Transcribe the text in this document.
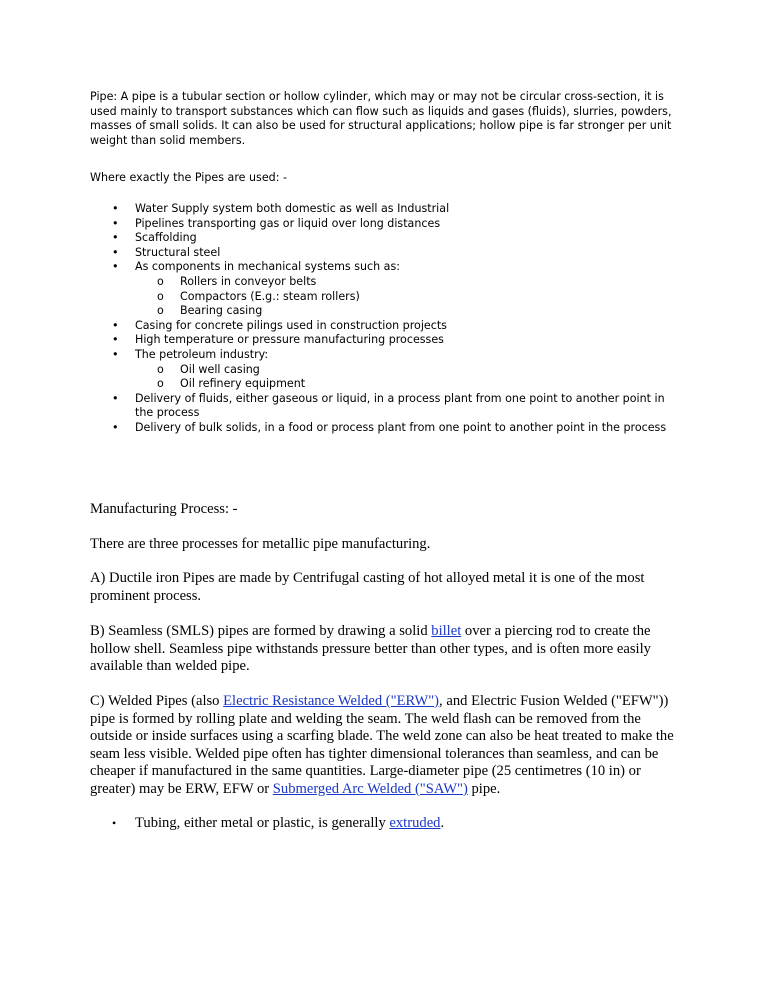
Pipe: A pipe is a tubular section or hollow cylinder, which may or may not be circular cross-section, it is used mainly to transport substances which can flow such as liquids and gases (fluids), slurries, powders, masses of small solids. It can also be used for structural applications; hollow pipe is far stronger per unit weight than solid members.

Where exactly the Pipes are used: -

• Water Supply system both domestic as well as Industrial
• Pipelines transporting gas or liquid over long distances
• Scaffolding
• Structural steel
• As components in mechanical systems such as:
o Rollers in conveyor belts
o Compactors (E.g.: steam rollers)
o Bearing casing
• Casing for concrete pilings used in construction projects
• High temperature or pressure manufacturing processes
• The petroleum industry:
o Oil well casing
o Oil refinery equipment
• Delivery of fluids, either gaseous or liquid, in a process plant from one point to another point in the process
• Delivery of bulk solids, in a food or process plant from one point to another point in the process

Manufacturing Process: -

There are three processes for metallic pipe manufacturing.

A) Ductile iron Pipes are made by Centrifugal casting of hot alloyed metal it is one of the most prominent process.

B) Seamless (SMLS) pipes are formed by drawing a solid billet over a piercing rod to create the hollow shell. Seamless pipe withstands pressure better than other types, and is often more easily available than welded pipe.

C) Welded Pipes (also Electric Resistance Welded ("ERW"), and Electric Fusion Welded ("EFW")) pipe is formed by rolling plate and welding the seam. The weld flash can be removed from the outside or inside surfaces using a scarfing blade. The weld zone can also be heat treated to make the seam less visible. Welded pipe often has tighter dimensional tolerances than seamless, and can be cheaper if manufactured in the same quantities. Large-diameter pipe (25 centimetres (10 in) or greater) may be ERW, EFW or Submerged Arc Welded ("SAW") pipe.

• Tubing, either metal or plastic, is generally extruded.
